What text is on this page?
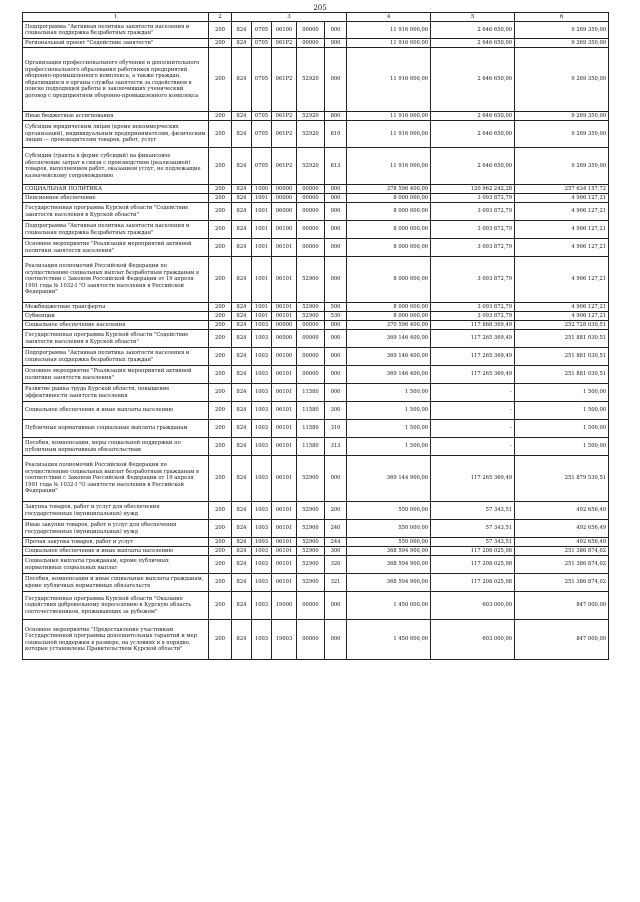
205
1	2	3					4	5	6
Подпрограмма "Активная политика занятости населения и социальная поддержка безработных граждан"	200	824	0705	06100	00000	000	11 916 000,00	2 646 650,00	9 269 350,00
Региональный проект "Содействие занятости"	200	824	0705	061P2	00000	000	11 916 000,00	2 646 650,00	9 269 350,00
Организация профессионального обучения и дополнительного профессионального образования работников предприятий оборонно-промышленного комплекса, а также граждан, обратившихся в органы службы занятости за содействием в поиске подходящей работы и заключивших ученический договор с предприятием оборонно-промышленного комплекса	200	824	0705	061P2	52920	000	11 916 000,00	2 646 650,00	9 269 350,00
Иные бюджетные ассигнования	200	824	0705	061P2	52920	800	11 916 000,00	2 646 650,00	9 269 350,00
Субсидии юридическим лицам (кроме некоммерческих организаций), индивидуальным предпринимателям, физическим лицам — производителям товаров, работ, услуг	200	824	0705	061P2	52920	810	11 916 000,00	2 646 650,00	9 269 350,00
Субсидии (гранты в форме субсидий) на финансовое обеспечение затрат в связи с производством (реализацией) товаров, выполнением работ, оказанием услуг, не подлежащие казначейскому сопровождению	200	824	0705	061P2	52920	813	11 916 000,00	2 646 650,00	9 269 350,00
СОЦИАЛЬНАЯ ПОЛИТИКА	200	824	1000	00000	00000	000	378 596 400,00	120 962 242,28	257 634 157,72
Пенсионное обеспечение	200	824	1001	00000	00000	000	8 000 000,00	3 093 872,79	4 906 127,21
Государственная программа Курской области "Содействие занятости населения в Курской области"	200	824	1001	06000	00000	000	8 000 000,00	3 093 872,79	4 906 127,21
Подпрограмма "Активная политика занятости населения и социальная поддержка безработных граждан"	200	824	1001	06100	00000	000	8 000 000,00	3 093 872,79	4 906 127,21
Основное мероприятие "Реализация мероприятий активной политики занятости населения"	200	824	1001	06101	00000	000	8 000 000,00	3 093 872,79	4 906 127,21
Реализация полномочий Российской Федерации по осуществлению социальных выплат безработным гражданам в соответствии с Законом Российской Федерации от 19 апреля 1991 года № 1032-I "О занятости населения в Российской Федерации"	200	824	1001	06101	52900	000	8 000 000,00	3 093 872,79	4 906 127,21
Межбюджетные трансферты	200	824	1001	06101	52900	500	8 000 000,00	3 093 872,79	4 906 127,21
Субвенции	200	824	1001	06101	52900	530	8 000 000,00	3 093 872,79	4 906 127,21
Социальное обеспечение населения	200	824	1003	00000	00000	000	370 596 400,00	117 868 369,49	252 728 030,51
Государственная программа Курской области "Содействие занятости населения в Курской области"	200	824	1003	06000	00000	000	369 146 400,00	117 265 369,49	251 881 030,51
Подпрограмма "Активная политика занятости населения и социальная поддержка безработных граждан"	200	824	1003	06100	00000	000	369 146 400,00	117 265 369,49	251 881 030,51
Основное мероприятие "Реализация мероприятий активной политики занятости населения"	200	824	1003	06101	00000	000	369 146 400,00	117 265 369,49	251 881 030,51
Развитие рынка труда Курской области, повышение эффективности занятости населения	200	824	1003	06101	11580	000	1 500,00	-	1 500,00
Социальное обеспечение и иные выплаты населению	200	824	1003	06101	11580	300	1 500,00	-	1 500,00
Публичные нормативные социальные выплаты гражданам	200	824	1003	06101	11580	310	1 500,00	-	1 500,00
Пособия, компенсации, меры социальной поддержки по публичным нормативным обязательствам	200	824	1003	06101	11580	313	1 500,00	-	1 500,00
Реализация полномочий Российской Федерации по осуществлению социальных выплат безработным гражданам в соответствии с Законом Российской Федерации от 19 апреля 1991 года № 1032-I "О занятости населения в Российской Федерации"	200	824	1003	06101	52900	000	369 144 900,00	117 265 369,49	251 879 530,51
Закупка товаров, работ и услуг для обеспечения государственных (муниципальных) нужд	200	824	1003	06101	52900	200	550 000,00	57 343,51	492 656,49
Иные закупки товаров, работ и услуг для обеспечения государственных (муниципальных) нужд	200	824	1003	06101	52900	240	550 000,00	57 343,51	492 656,49
Прочая закупка товаров, работ и услуг	200	824	1003	06101	52900	244	550 000,00	57 343,51	492 656,49
Социальное обеспечение и иные выплаты населению	200	824	1003	06101	52900	300	368 594 900,00	117 208 025,98	251 386 874,02
Социальные выплаты гражданам, кроме публичных нормативных социальных выплат	200	824	1003	06101	52900	320	368 594 900,00	117 208 025,98	251 386 874,02
Пособия, компенсации и иные социальные выплаты гражданам, кроме публичных нормативных обязательств	200	824	1003	06101	52900	321	368 594 900,00	117 208 025,98	251 386 874,02
Государственная программа Курской области "Оказание содействия добровольному переселению в Курскую область соотечественников, проживающих за рубежом"	200	824	1003	19000	00000	000	1 450 000,00	603 000,00	847 000,00
Основное мероприятие "Предоставление участникам Государственной программы дополнительных гарантий и мер социальной поддержки в размере, на условиях и в порядке, которые установлены Правительством Курской области"	200	824	1003	19003	00000	000	1 450 000,00	603 000,00	847 000,00
